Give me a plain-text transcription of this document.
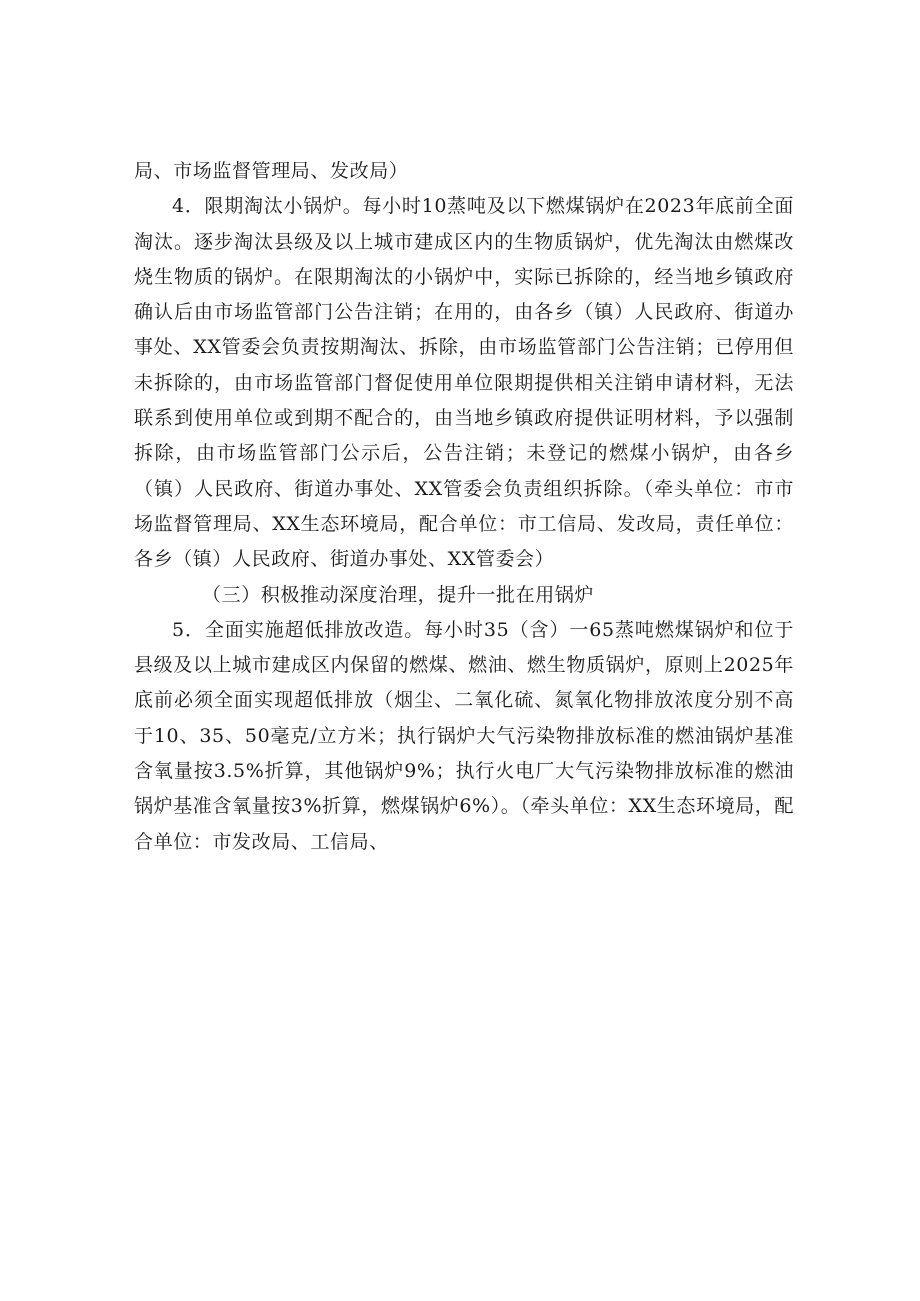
局、市场监督管理局、发改局）

4．限期淘汰小锅炉。每小时10蒸吨及以下燃煤锅炉在2023年底前全面淘汰。逐步淘汰县级及以上城市建成区内的生物质锅炉，优先淘汰由燃煤改烧生物质的锅炉。在限期淘汰的小锅炉中，实际已拆除的，经当地乡镇政府确认后由市场监管部门公告注销；在用的，由各乡（镇）人民政府、街道办事处、XX管委会负责按期淘汰、拆除，由市场监管部门公告注销；已停用但未拆除的，由市场监管部门督促使用单位限期提供相关注销申请材料，无法联系到使用单位或到期不配合的，由当地乡镇政府提供证明材料，予以强制拆除，由市场监管部门公示后，公告注销；未登记的燃煤小锅炉，由各乡（镇）人民政府、街道办事处、XX管委会负责组织拆除。（牵头单位：市市场监督管理局、XX生态环境局，配合单位：市工信局、发改局，责任单位：各乡（镇）人民政府、街道办事处、XX管委会）

（三）积极推动深度治理，提升一批在用锅炉

5．全面实施超低排放改造。每小时35（含）一65蒸吨燃煤锅炉和位于县级及以上城市建成区内保留的燃煤、燃油、燃生物质锅炉，原则上2025年底前必须全面实现超低排放（烟尘、二氧化硫、氮氧化物排放浓度分别不高于10、35、50毫克/立方米；执行锅炉大气污染物排放标准的燃油锅炉基准含氧量按3.5%折算，其他锅炉9%；执行火电厂大气污染物排放标准的燃油锅炉基准含氧量按3%折算，燃煤锅炉6%）。（牵头单位：XX生态环境局，配合单位：市发改局、工信局、
